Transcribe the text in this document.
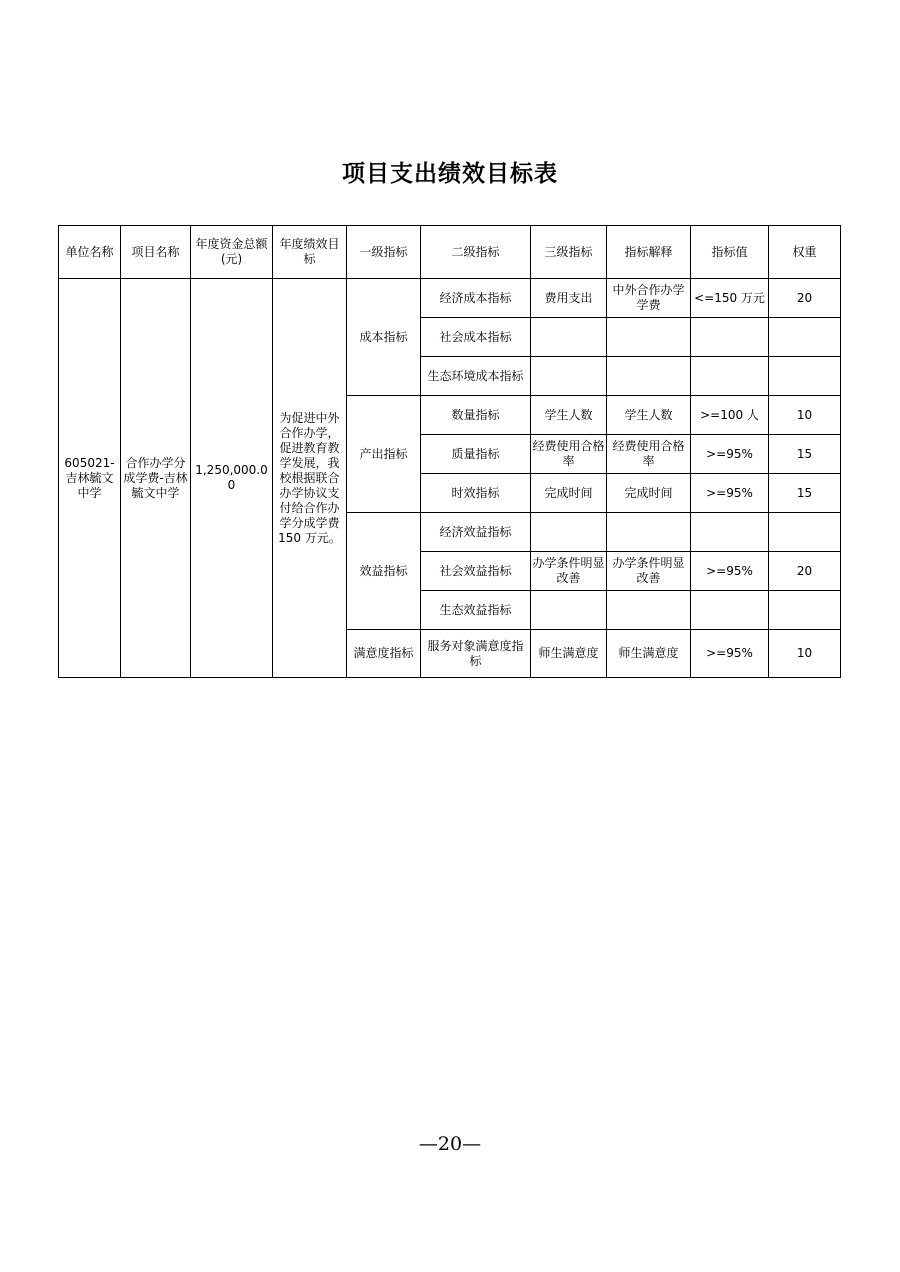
项目支出绩效目标表
单位名称	项目名称	年度资金总额(元)	年度绩效目标	一级指标	二级指标	三级指标	指标解释	指标值	权重
605021-吉林毓文中学	合作办学分成学费-吉林毓文中学	1,250,000.00	为促进中外合作办学，促进教育教学发展，我校根据联合办学协议支付给合作办学分成学费 150 万元。	成本指标	经济成本指标	费用支出	中外合作办学学费	<=150 万元	20
					社会成本指标				
					生态环境成本指标				
				产出指标	数量指标	学生人数	学生人数	>=100 人	10
					质量指标	经费使用合格率	经费使用合格率	>=95%	15
					时效指标	完成时间	完成时间	>=95%	15
				效益指标	经济效益指标				
					社会效益指标	办学条件明显改善	办学条件明显改善	>=95%	20
					生态效益指标				
				满意度指标	服务对象满意度指标	师生满意度	师生满意度	>=95%	10
—20—
